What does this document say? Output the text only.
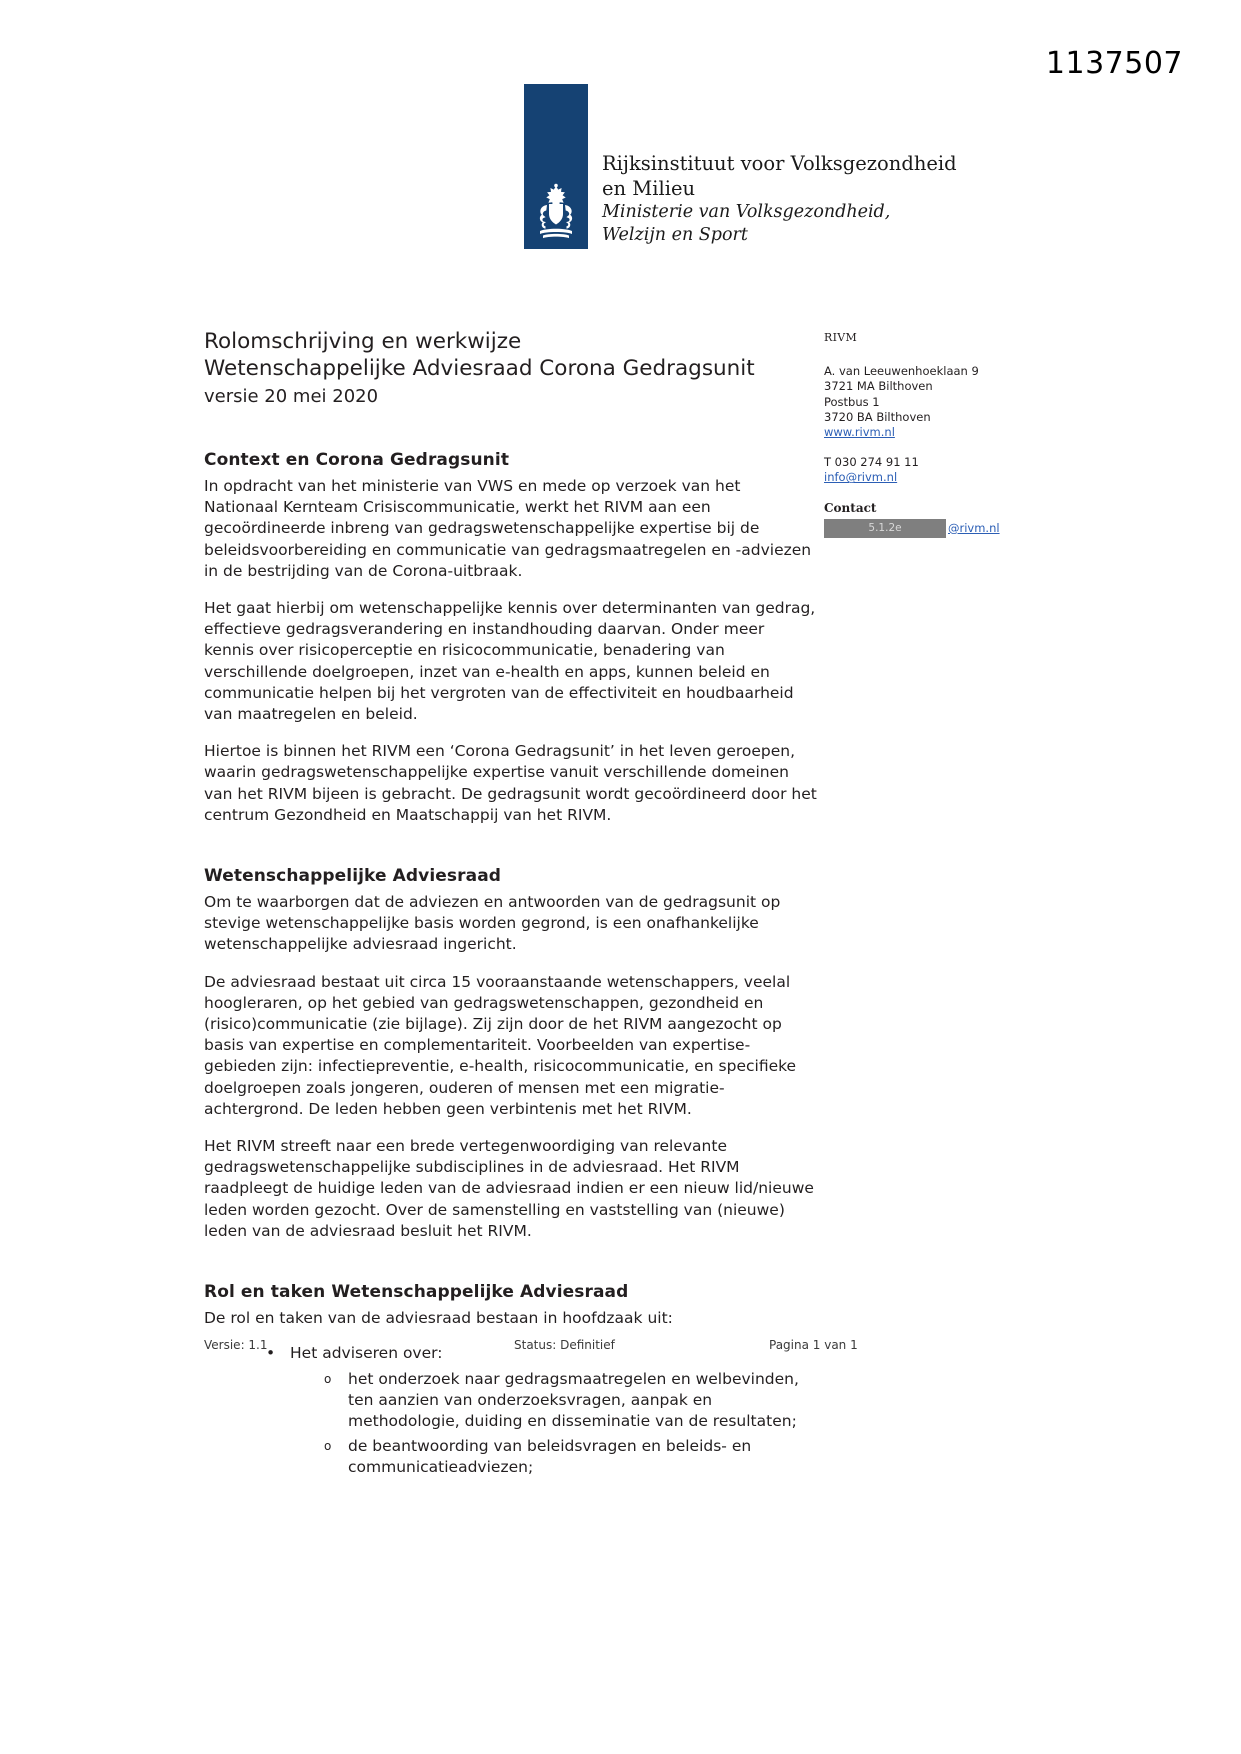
1137507
Rijksinstituut voor Volksgezondheid
en Milieu
Ministerie van Volksgezondheid,
Welzijn en Sport
Rolomschrijving en werkwijze
Wetenschappelijke Adviesraad Corona Gedragsunit
versie 20 mei 2020
RIVM
A. van Leeuwenhoeklaan 9
3721 MA Bilthoven
Postbus 1
3720 BA Bilthoven
www.rivm.nl
T 030 274 91 11
info@rivm.nl
Contact
5.1.2e	@rivm.nl
Context en Corona Gedragsunit

In opdracht van het ministerie van VWS en mede op verzoek van het Nationaal Kernteam Crisiscommunicatie, werkt het RIVM aan een gecoördineerde inbreng van gedragswetenschappelijke expertise bij de beleidsvoorbereiding en communicatie van gedragsmaatregelen en -adviezen in de bestrijding van de Corona-uitbraak.

Het gaat hierbij om wetenschappelijke kennis over determinanten van gedrag, effectieve gedragsverandering en instandhouding daarvan. Onder meer kennis over risicoperceptie en risicocommunicatie, benadering van verschillende doelgroepen, inzet van e-health en apps, kunnen beleid en communicatie helpen bij het vergroten van de effectiviteit en houdbaarheid van maatregelen en beleid.

Hiertoe is binnen het RIVM een ‘Corona Gedragsunit’ in het leven geroepen, waarin gedragswetenschappelijke expertise vanuit verschillende domeinen van het RIVM bijeen is gebracht. De gedragsunit wordt gecoördineerd door het centrum Gezondheid en Maatschappij van het RIVM.

Wetenschappelijke Adviesraad

Om te waarborgen dat de adviezen en antwoorden van de gedragsunit op stevige wetenschappelijke basis worden gegrond, is een onafhankelijke wetenschappelijke adviesraad ingericht.

De adviesraad bestaat uit circa 15 vooraanstaande wetenschappers, veelal hoogleraren, op het gebied van gedragswetenschappen, gezondheid en (risico)communicatie (zie bijlage). Zij zijn door de het RIVM aangezocht op basis van expertise en complementariteit. Voorbeelden van expertise-gebieden zijn: infectiepreventie, e-health, risicocommunicatie, en specifieke doelgroepen zoals jongeren, ouderen of mensen met een migratie-achtergrond. De leden hebben geen verbintenis met het RIVM.

Het RIVM streeft naar een brede vertegenwoordiging van relevante gedragswetenschappelijke subdisciplines in de adviesraad. Het RIVM raadpleegt de huidige leden van de adviesraad indien er een nieuw lid/nieuwe leden worden gezocht. Over de samenstelling en vaststelling van (nieuwe) leden van de adviesraad besluit het RIVM.

Rol en taken Wetenschappelijke Adviesraad

De rol en taken van de adviesraad bestaan in hoofdzaak uit:

• Het adviseren over:
o het onderzoek naar gedragsmaatregelen en welbevinden, ten aanzien van onderzoeksvragen, aanpak en methodologie, duiding en disseminatie van de resultaten;
o de beantwoording van beleidsvragen en beleids- en communicatieadviezen;
Versie: 1.1	Status: Definitief	Pagina 1 van 1
